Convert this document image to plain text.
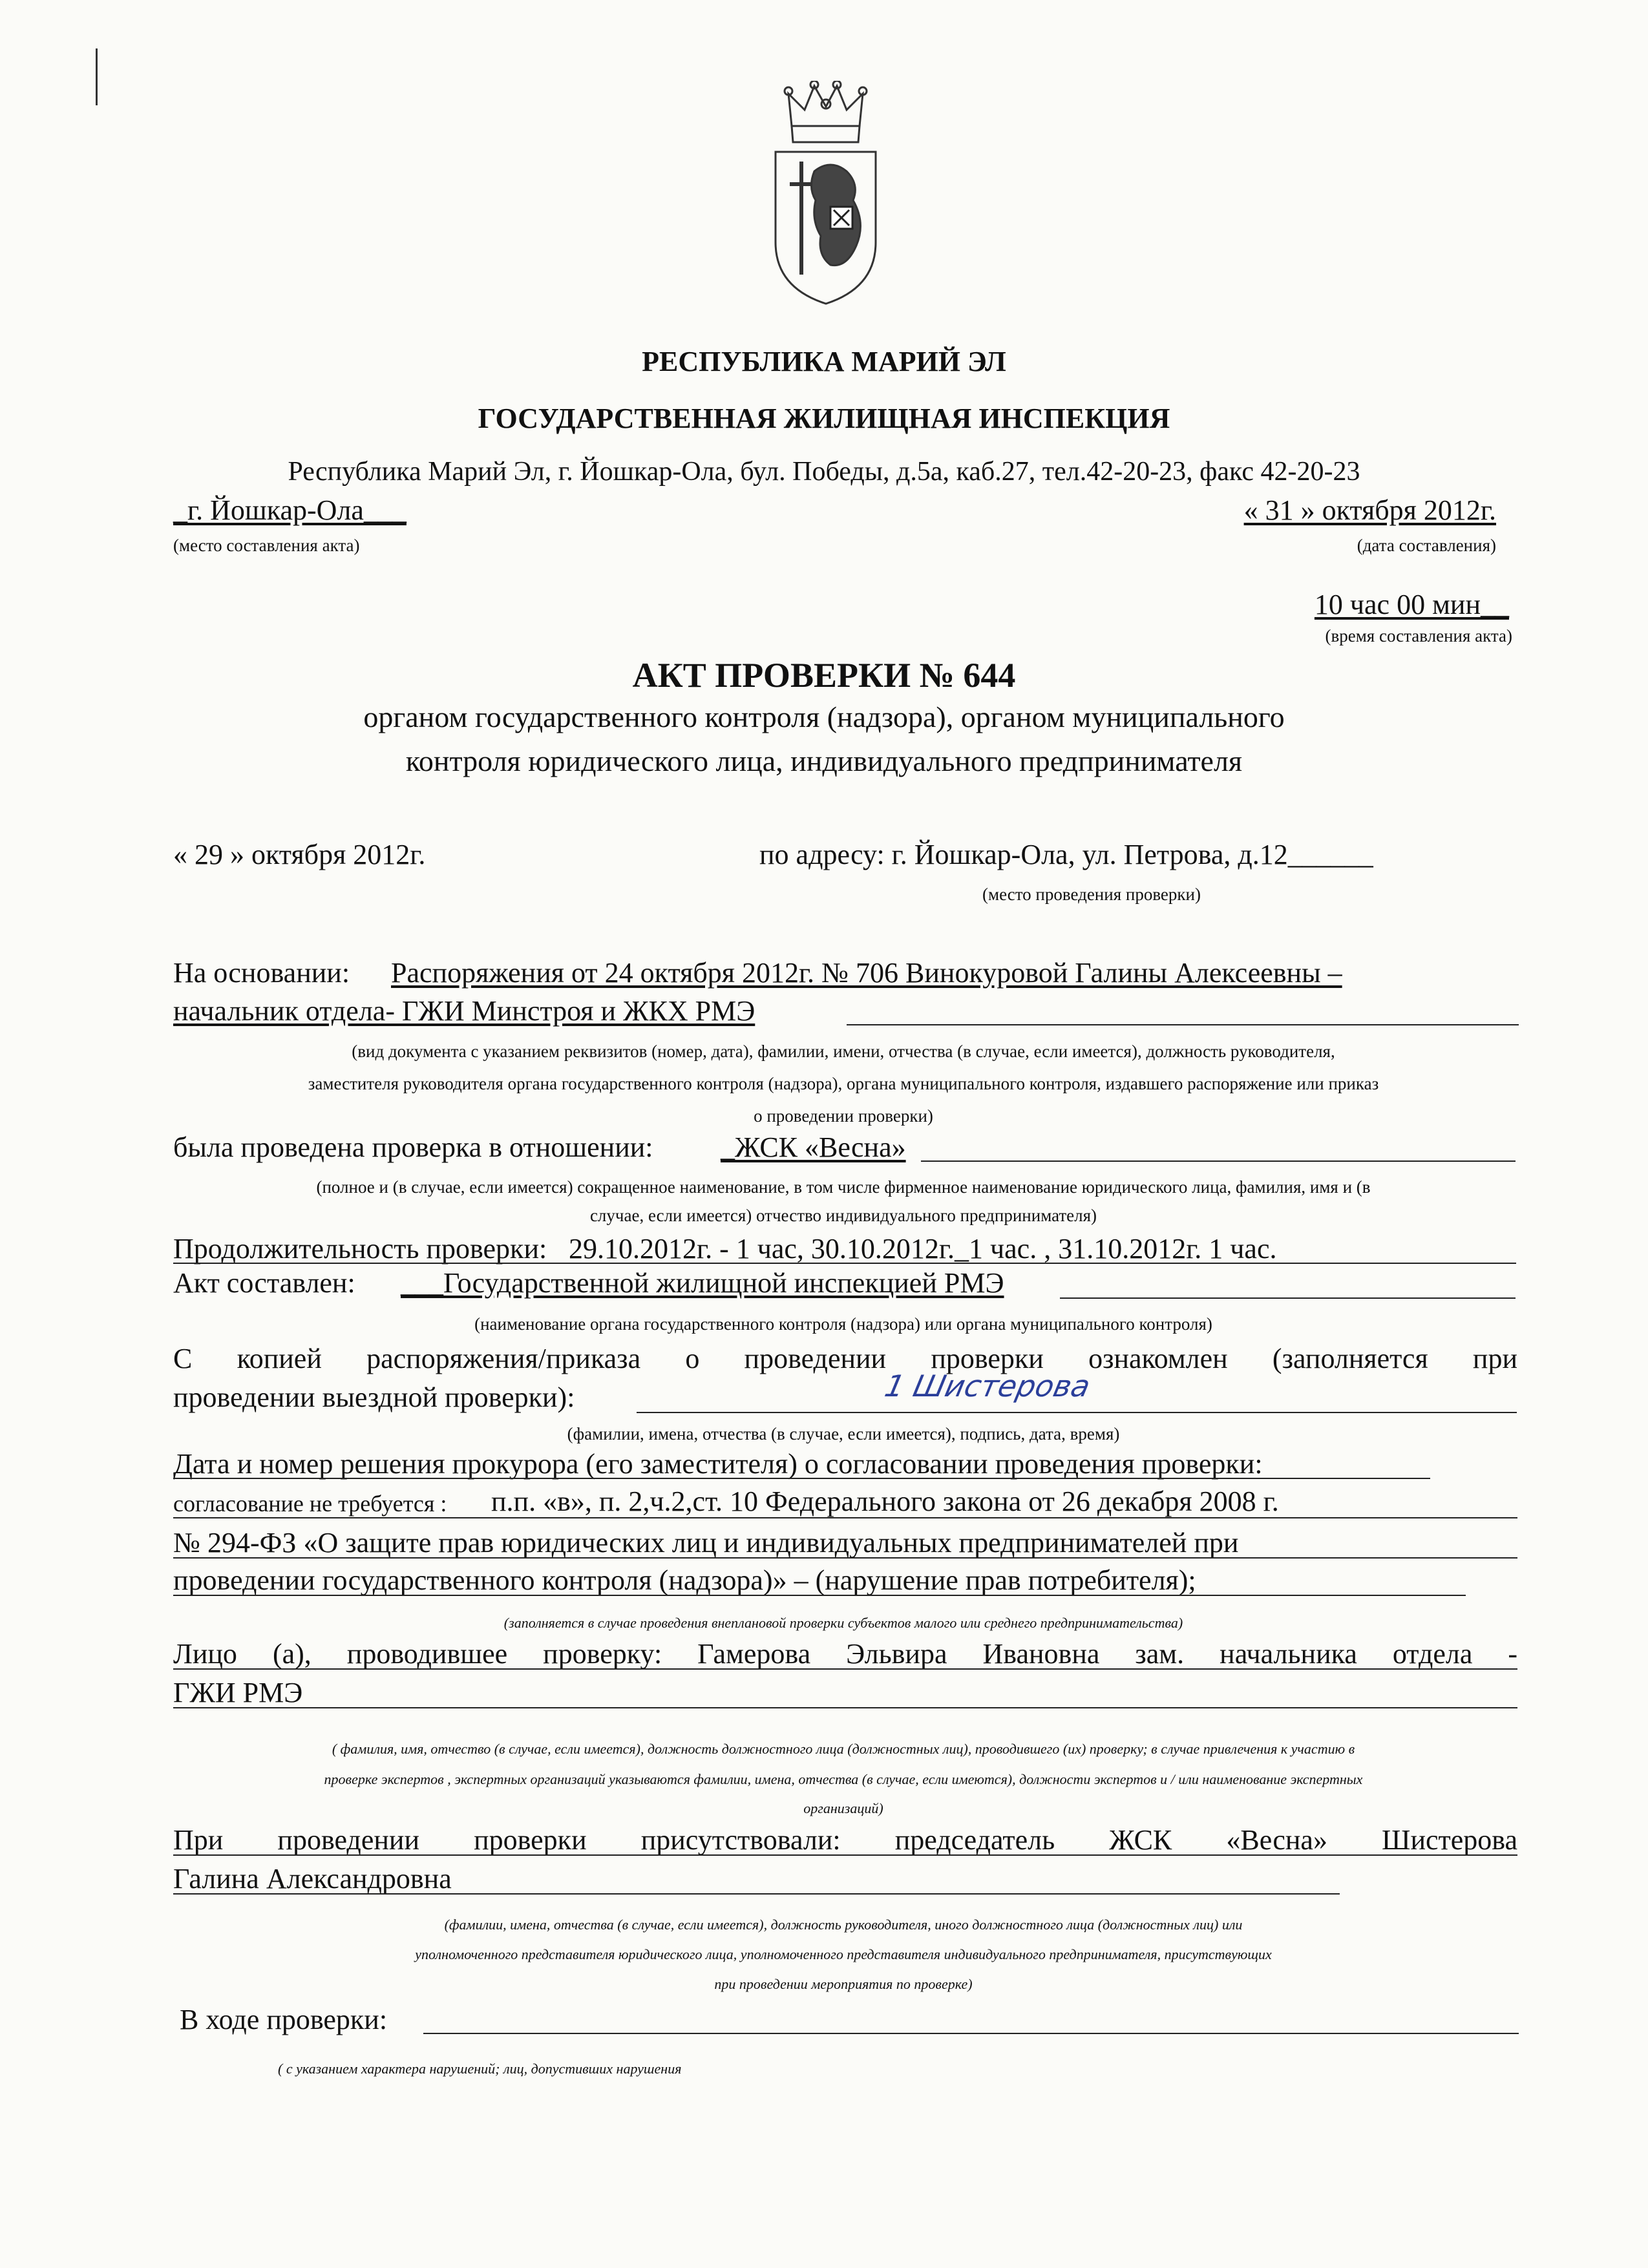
РЕСПУБЛИКА МАРИЙ ЭЛ
ГОСУДАРСТВЕННАЯ ЖИЛИЩНАЯ ИНСПЕКЦИЯ
Республика Марий Эл, г. Йошкар-Ола, бул. Победы, д.5а, каб.27, тел.42-20-23, факс 42-20-23
_г. Йошкар-Ола___
(место составления акта)
« 31 » октября 2012г.
(дата составления)
10 час 00 мин__
(время составления акта)
АКТ ПРОВЕРКИ № 644
органом государственного контроля (надзора), органом муниципального
контроля юридического лица, индивидуального предпринимателя
« 29 » октября 2012г.	по адресу: г. Йошкар-Ола, ул. Петрова, д.12______
(место проведения проверки)
На основании: Распоряжения от 24 октября 2012г. № 706 Винокуровой Галины Алексеевны –
начальник отдела- ГЖИ Минстроя и ЖКХ РМЭ
(вид документа с указанием реквизитов (номер, дата), фамилии, имени, отчества (в случае, если имеется), должность руководителя,
заместителя руководителя органа государственного контроля (надзора), органа муниципального контроля, издавшего распоряжение или приказ
о проведении проверки)
была проведена проверка в отношении: _ЖСК «Весна»
(полное и (в случае, если имеется) сокращенное наименование, в том числе фирменное наименование юридического лица, фамилия, имя и (в
случае, если имеется) отчество индивидуального предпринимателя)
Продолжительность проверки: 29.10.2012г. - 1 час, 30.10.2012г._1 час. , 31.10.2012г. 1 час.
Акт составлен: ___Государственной жилищной инспекцией РМЭ
(наименование органа государственного контроля (надзора) или органа муниципального контроля)
С копией распоряжения/приказа о проведении проверки ознакомлен (заполняется при
проведении выездной проверки):	1 Шистерова
(фамилии, имена, отчества (в случае, если имеется), подпись, дата, время)
Дата и номер решения прокурора (его заместителя) о согласовании проведения проверки:
согласование не требуется : п.п. «в», п. 2,ч.2,ст. 10 Федерального закона от 26 декабря 2008 г.
№ 294-ФЗ «О защите прав юридических лиц и индивидуальных предпринимателей при
проведении государственного контроля (надзора)» – (нарушение прав потребителя);
(заполняется в случае проведения внеплановой проверки субъектов малого или среднего предпринимательства)
Лицо (а), проводившее проверку: Гамерова Эльвира Ивановна зам. начальника отдела -
ГЖИ РМЭ
( фамилия, имя, отчество (в случае, если имеется), должность должностного лица (должностных лиц), проводившего (их) проверку; в случае привлечения к участию в
проверке экспертов , экспертных организаций указываются фамилии, имена, отчества (в случае, если имеются), должности экспертов и / или наименование экспертных
организаций)
При проведении проверки присутствовали: председатель ЖСК «Весна» Шистерова
Галина Александровна
(фамилии, имена, отчества (в случае, если имеется), должность руководителя, иного должностного лица (должностных лиц) или
уполномоченного представителя юридического лица, уполномоченного представителя индивидуального предпринимателя, присутствующих
при проведении мероприятия по проверке)
В ходе проверки:
( с указанием характера нарушений; лиц, допустивших нарушения
